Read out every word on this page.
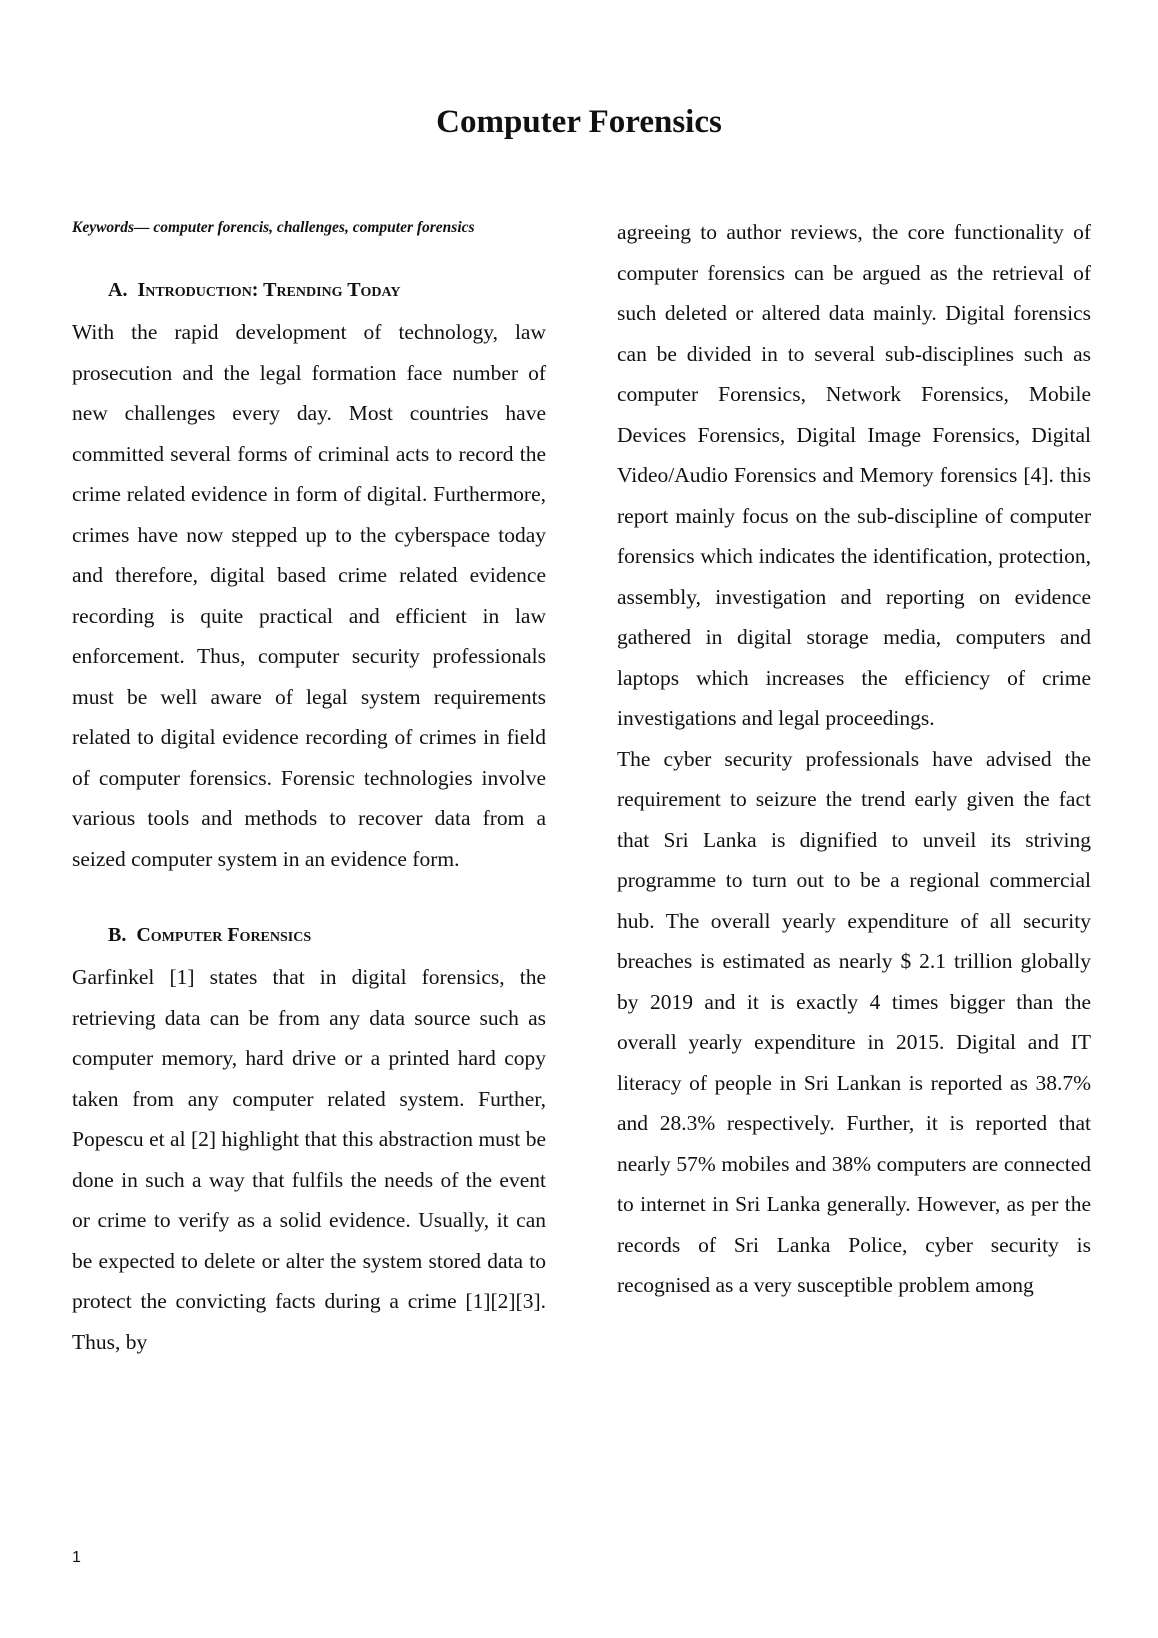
Computer Forensics

Keywords— computer forencis, challenges, computer forensics

A. Introduction: Trending Today

With the rapid development of technology, law prosecution and the legal formation face number of new challenges every day. Most countries have committed several forms of criminal acts to record the crime related evidence in form of digital. Furthermore, crimes have now stepped up to the cyberspace today and therefore, digital based crime related evidence recording is quite practical and efficient in law enforcement. Thus, computer security professionals must be well aware of legal system requirements related to digital evidence recording of crimes in field of computer forensics. Forensic technologies involve various tools and methods to recover data from a seized computer system in an evidence form.

B. Computer Forensics

Garfinkel [1] states that in digital forensics, the retrieving data can be from any data source such as computer memory, hard drive or a printed hard copy taken from any computer related system. Further, Popescu et al [2] highlight that this abstraction must be done in such a way that fulfils the needs of the event or crime to verify as a solid evidence. Usually, it can be expected to delete or alter the system stored data to protect the convicting facts during a crime [1][2][3]. Thus, by

agreeing to author reviews, the core functionality of computer forensics can be argued as the retrieval of such deleted or altered data mainly. Digital forensics can be divided in to several sub-disciplines such as computer Forensics, Network Forensics, Mobile Devices Forensics, Digital Image Forensics, Digital Video/Audio Forensics and Memory forensics [4]. this report mainly focus on the sub-discipline of computer forensics which indicates the identification, protection, assembly, investigation and reporting on evidence gathered in digital storage media, computers and laptops which increases the efficiency of crime investigations and legal proceedings.

The cyber security professionals have advised the requirement to seizure the trend early given the fact that Sri Lanka is dignified to unveil its striving programme to turn out to be a regional commercial hub. The overall yearly expenditure of all security breaches is estimated as nearly $ 2.1 trillion globally by 2019 and it is exactly 4 times bigger than the overall yearly expenditure in 2015. Digital and IT literacy of people in Sri Lankan is reported as 38.7% and 28.3% respectively. Further, it is reported that nearly 57% mobiles and 38% computers are connected to internet in Sri Lanka generally. However, as per the records of Sri Lanka Police, cyber security is recognised as a very susceptible problem among

1
